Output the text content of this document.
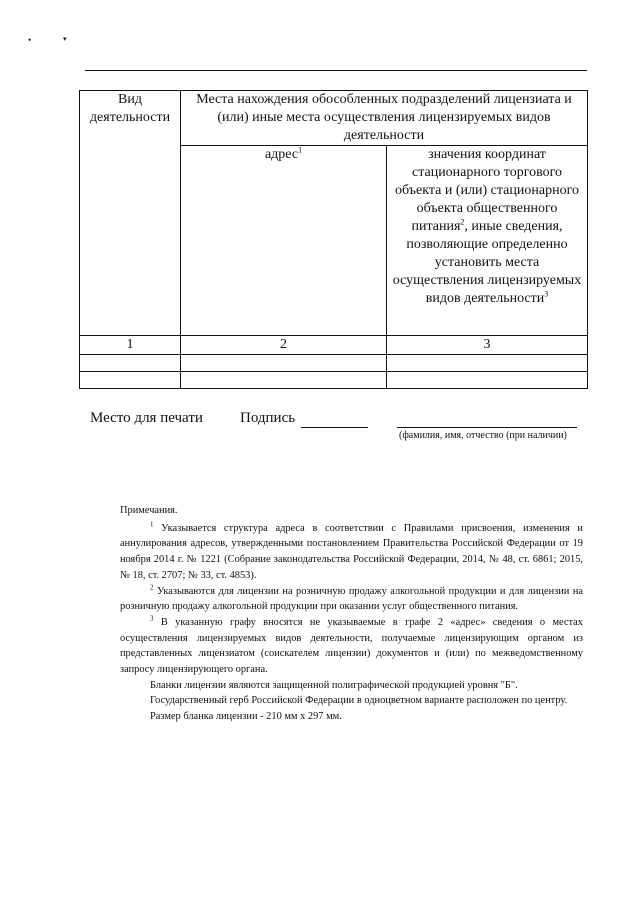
•	▾
Вид деятельности	Места нахождения обособленных подразделений лицензиата и (или) иные места осуществления лицензируемых видов деятельности	
	адрес$^1$	значения координат стационарного торгового объекта и (или) стационарного объекта общественного питания$^2$, иные сведения, позволяющие определенно установить места осуществления лицензируемых видов деятельности$^3$
1	2	3

Место для печати Подпись
(фамилия, имя, отчество (при наличии)

Примечания.

$^1$ Указывается структура адреса в соответствии с Правилами присвоения, изменения и аннулирования адресов, утвержденными постановлением Правительства Российской Федерации от 19 ноября 2014 г. № 1221 (Собрание законодательства Российской Федерации, 2014, № 48, ст. 6861; 2015, № 18, ст. 2707; № 33, ст. 4853).

$^2$ Указываются для лицензии на розничную продажу алкогольной продукции и для лицензии на розничную продажу алкогольной продукции при оказании услуг общественного питания.

$^3$ В указанную графу вносятся не указываемые в графе 2 «адрес» сведения о местах осуществления лицензируемых видов деятельности, получаемые лицензирующим органом из представленных лицензиатом (соискателем лицензии) документов и (или) по межведомственному запросу лицензирующего органа.

Бланки лицензии являются защищенной полиграфической продукцией уровня "Б".

Государственный герб Российской Федерации в одноцветном варианте расположен по центру.

Размер бланка лицензии - 210 мм х 297 мм.
